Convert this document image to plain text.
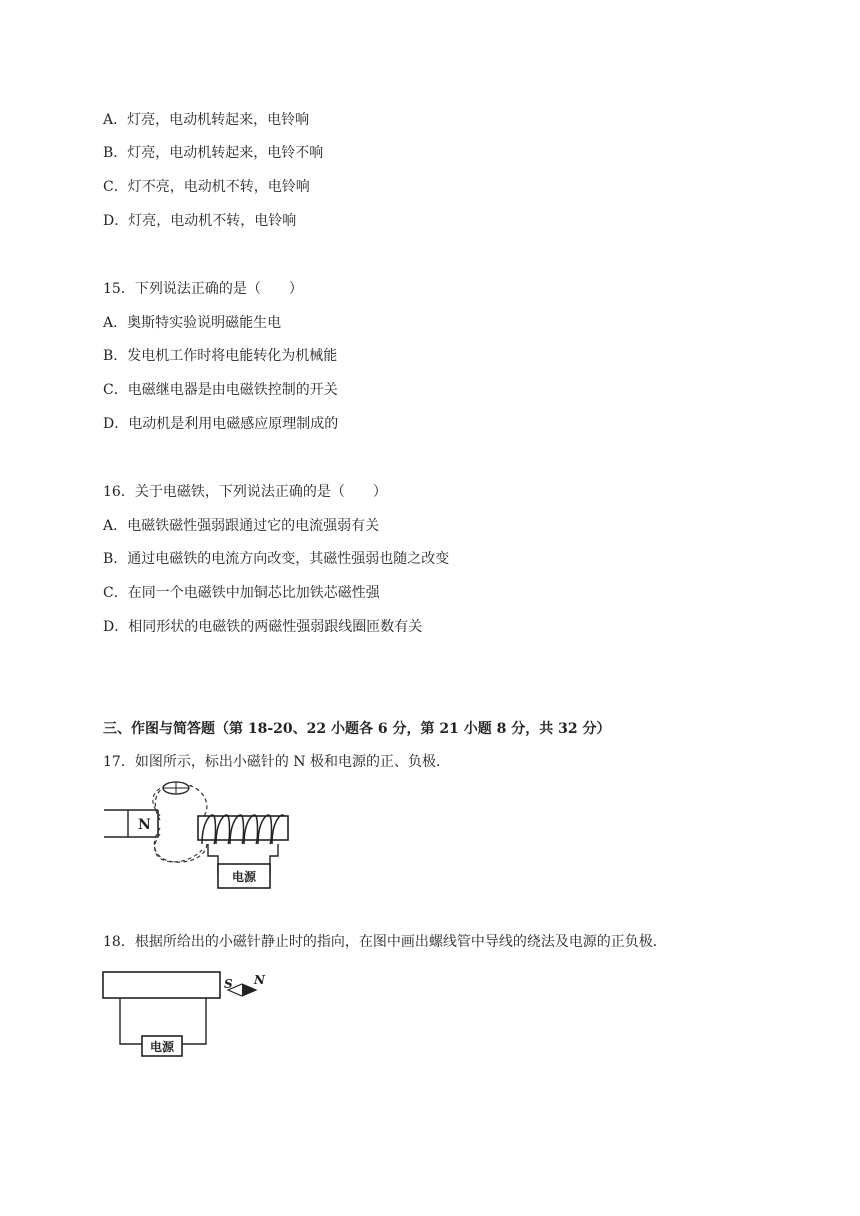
A．灯亮，电动机转起来，电铃响
B．灯亮，电动机转起来，电铃不响
C．灯不亮，电动机不转，电铃响
D．灯亮，电动机不转，电铃响
15．下列说法正确的是（　　）
A．奥斯特实验说明磁能生电
B．发电机工作时将电能转化为机械能
C．电磁继电器是由电磁铁控制的开关
D．电动机是利用电磁感应原理制成的
16．关于电磁铁，下列说法正确的是（　　）
A．电磁铁磁性强弱跟通过它的电流强弱有关
B．通过电磁铁的电流方向改变，其磁性强弱也随之改变
C．在同一个电磁铁中加铜芯比加铁芯磁性强
D．相同形状的电磁铁的两磁性强弱跟线圈匝数有关
三、作图与简答题（第 18-20、22 小题各 6 分，第 21 小题 8 分，共 32 分）
17．如图所示，标出小磁针的 N 极和电源的正、负极．
N
电源
18．根据所给出的小磁针静止时的指向，在图中画出螺线管中导线的绕法及电源的正负极．
S N
电源
